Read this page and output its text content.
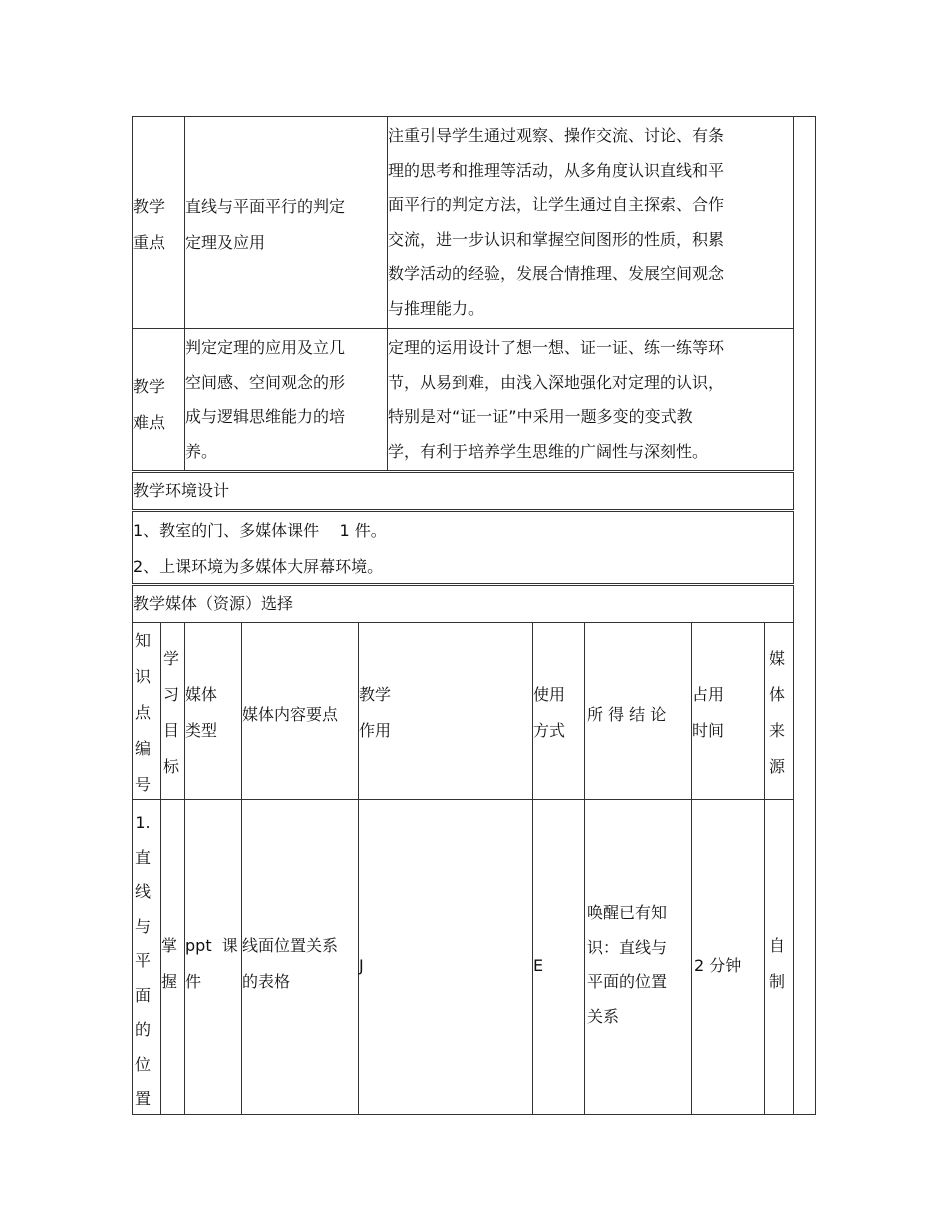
教学
重点
直线与平面平行的判定
定理及应用
注重引导学生通过观察、操作交流、讨论、有条
理的思考和推理等活动，从多角度认识直线和平
面平行的判定方法，让学生通过自主探索、合作
交流，进一步认识和掌握空间图形的性质，积累
数学活动的经验，发展合情推理、发展空间观念
与推理能力。
教学
难点
判定定理的应用及立几
空间感、空间观念的形
成与逻辑思维能力的培
养。
定理的运用设计了想一想、证一证、练一练等环
节，从易到难，由浅入深地强化对定理的认识，
特别是对“证一证”中采用一题多变的变式教
学，有利于培养学生思维的广阔性与深刻性。
教学环境设计
1、教室的门、多媒体课件    1 件。
2、上课环境为多媒体大屏幕环境。
教学媒体（资源）选择
知识点编号
学习目标
媒体
类型
媒体内容要点
教学
作用
使用
方式
所 得 结 论
占用
时间
媒体来源
1.直线与平面的位置
掌
握
ppt  课
件
线面位置关系
的表格
J	E
唤醒已有知
识：直线与
平面的位置
关系
2 分钟
自
制
